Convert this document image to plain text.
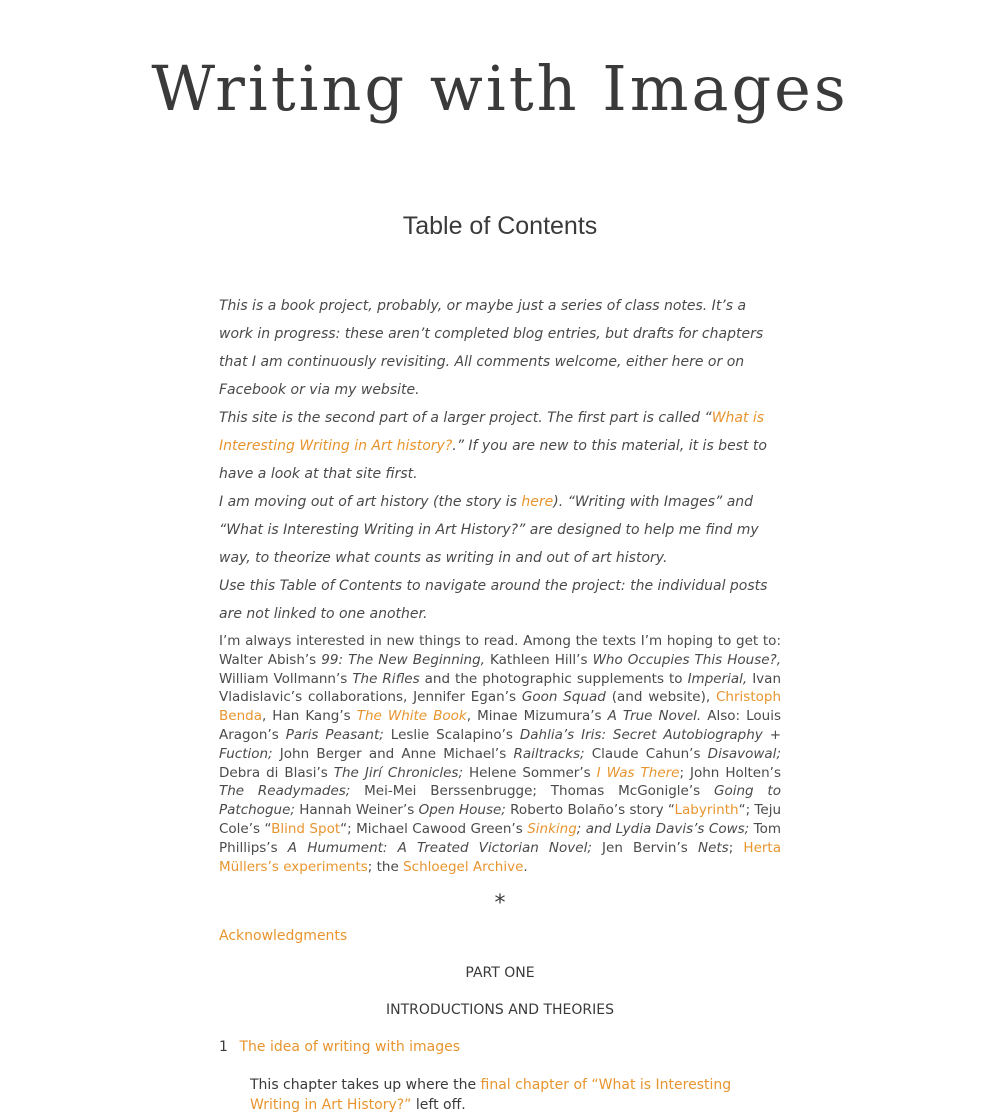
Writing with Images
Table of Contents

This is a book project, probably, or maybe just a series of class notes. It’s a work in progress: these aren’t completed blog entries, but drafts for chapters that I am continuously revisiting. All comments welcome, either here or on Facebook or via my website.

This site is the second part of a larger project. The first part is called “What is Interesting Writing in Art history?.” If you are new to this material, it is best to have a look at that site first.

I am moving out of art history (the story is here). “Writing with Images” and “What is Interesting Writing in Art History?” are designed to help me find my way, to theorize what counts as writing in and out of art history.

Use this Table of Contents to navigate around the project: the individual posts are not linked to one another.

I’m always interested in new things to read. Among the texts I’m hoping to get to: Walter Abish’s 99: The New Beginning, Kathleen Hill’s Who Occupies This House?, William Vollmann’s The Rifles and the photographic supplements to Imperial, Ivan Vladislavic’s collaborations, Jennifer Egan’s Goon Squad (and website), Christoph Benda, Han Kang’s The White Book, Minae Mizumura’s A True Novel. Also: Louis Aragon’s Paris Peasant; Leslie Scalapino’s Dahlia’s Iris: Secret Autobiography + Fuction; John Berger and Anne Michael’s Railtracks; Claude Cahun’s Disavowal; Debra di Blasi’s The Jirí Chronicles; Helene Sommer’s I Was There; John Holten’s The Readymades; Mei-Mei Berssenbrugge; Thomas McGonigle’s Going to Patchogue; Hannah Weiner’s Open House; Roberto Bolaño’s story “Labyrinth“; Teju Cole’s “Blind Spot“; Michael Cawood Green’s Sinking; and Lydia Davis’s Cows; Tom Phillips’s A Humument: A Treated Victorian Novel; Jen Bervin’s Nets; Herta Müllers’s experiments; the Schloegel Archive.

*
Acknowledgments
PART ONE
INTRODUCTIONS AND THEORIES
1 The idea of writing with images

This chapter takes up where the final chapter of “What is Interesting Writing in Art History?” left off.
